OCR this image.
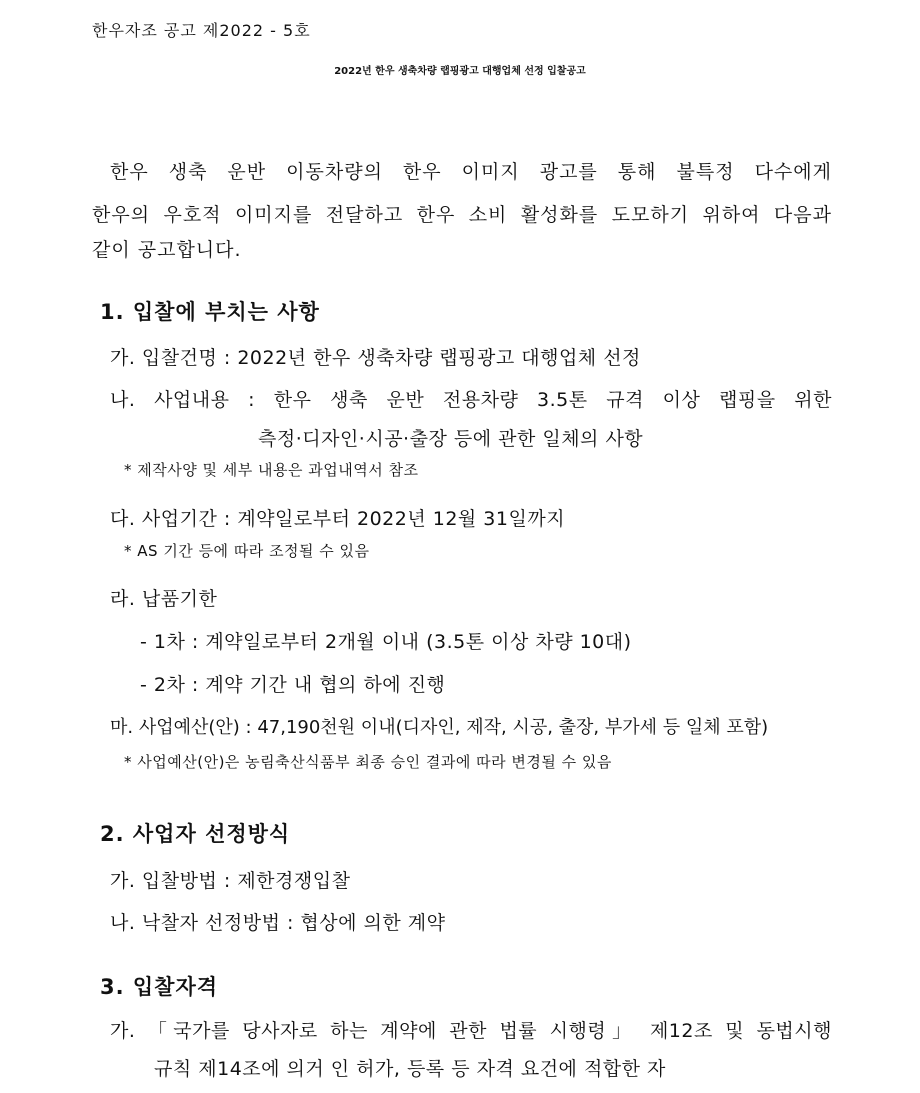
한우자조 공고 제2022 - 5호
2022년 한우 생축차량 랩핑광고 대행업체 선정 입찰공고
한우 생축 운반 이동차량의 한우 이미지 광고를 통해 불특정 다수에게
한우의 우호적 이미지를 전달하고 한우 소비 활성화를 도모하기 위하여 다음과
같이 공고합니다.
1. 입찰에 부치는 사항
가. 입찰건명 : 2022년 한우 생축차량 랩핑광고 대행업체 선정
나. 사업내용 : 한우 생축 운반 전용차량 3.5톤 규격 이상 랩핑을 위한
측정·디자인·시공·출장 등에 관한 일체의 사항
* 제작사양 및 세부 내용은 과업내역서 참조
다. 사업기간 : 계약일로부터 2022년 12월 31일까지
* AS 기간 등에 따라 조정될 수 있음
라. 납품기한
- 1차 : 계약일로부터 2개월 이내 (3.5톤 이상 차량 10대)
- 2차 : 계약 기간 내 협의 하에 진행
마. 사업예산(안) : 47,190천원 이내(디자인, 제작, 시공, 출장, 부가세 등 일체 포함)
* 사업예산(안)은 농림축산식품부 최종 승인 결과에 따라 변경될 수 있음
2. 사업자 선정방식
가. 입찰방법 : 제한경쟁입찰
나. 낙찰자 선정방법 : 협상에 의한 계약
3. 입찰자격
가. 「국가를 당사자로 하는 계약에 관한 법률 시행령」 제12조 및 동법시행
규칙 제14조에 의거 인 허가, 등록 등 자격 요건에 적합한 자
